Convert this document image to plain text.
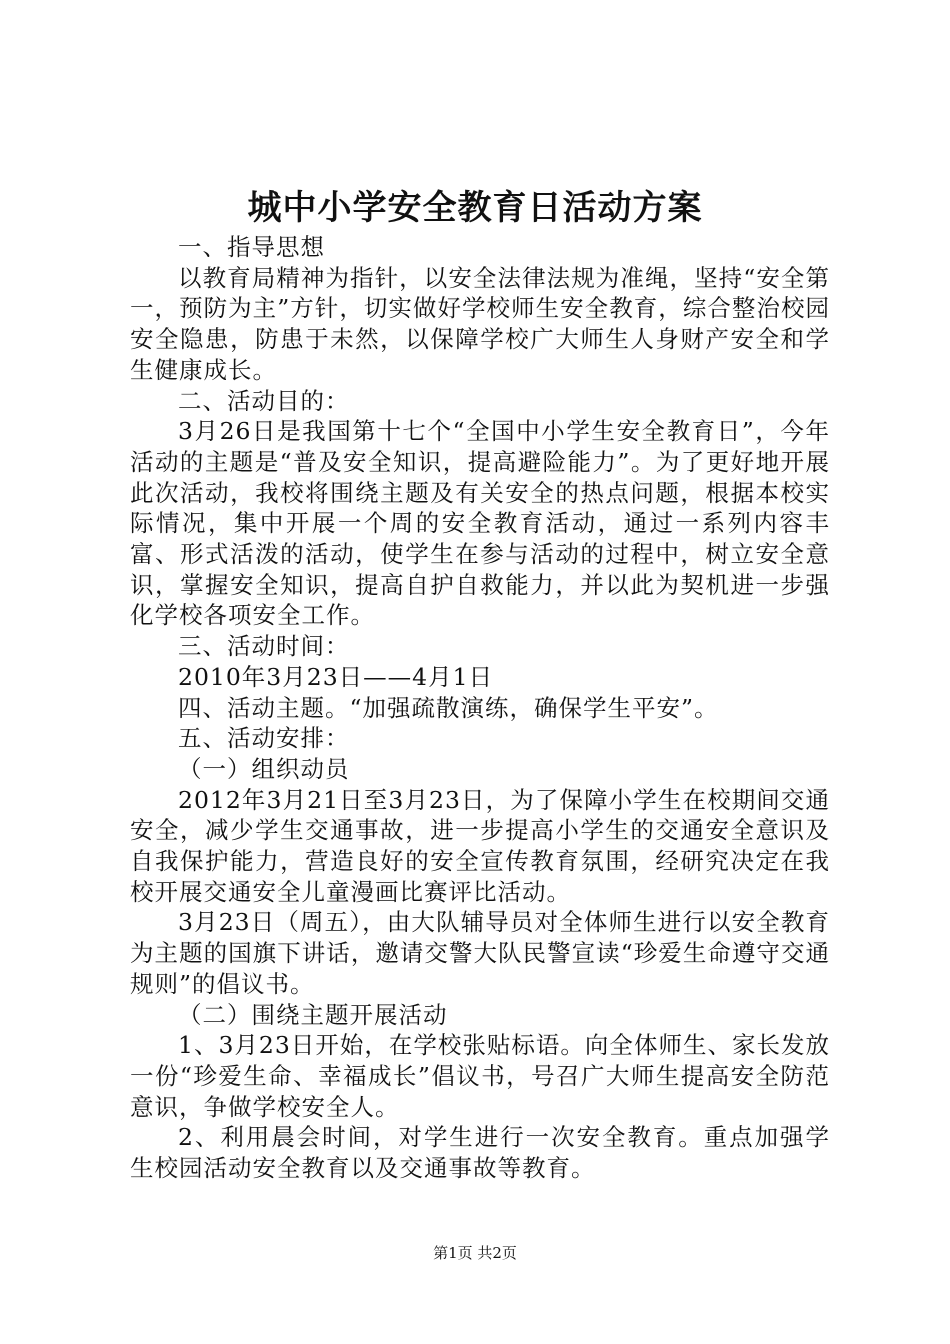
城中小学安全教育日活动方案

一、指导思想

以教育局精神为指针，以安全法律法规为准绳，坚持“安全第一，预防为主”方针，切实做好学校师生安全教育，综合整治校园安全隐患，防患于未然，以保障学校广大师生人身财产安全和学生健康成长。

二、活动目的：

3月26日是我国第十七个“全国中小学生安全教育日”，今年活动的主题是“普及安全知识，提高避险能力”。为了更好地开展此次活动，我校将围绕主题及有关安全的热点问题，根据本校实际情况，集中开展一个周的安全教育活动，通过一系列内容丰富、形式活泼的活动，使学生在参与活动的过程中，树立安全意识，掌握安全知识，提高自护自救能力，并以此为契机进一步强化学校各项安全工作。

三、活动时间：

2010年3月23日——4月1日

四、活动主题。“加强疏散演练，确保学生平安”。

五、活动安排：

（一）组织动员

2012年3月21日至3月23日，为了保障小学生在校期间交通安全，减少学生交通事故，进一步提高小学生的交通安全意识及自我保护能力，营造良好的安全宣传教育氛围，经研究决定在我校开展交通安全儿童漫画比赛评比活动。

3月23日（周五），由大队辅导员对全体师生进行以安全教育为主题的国旗下讲话，邀请交警大队民警宣读“珍爱生命遵守交通规则”的倡议书。

（二）围绕主题开展活动

1、3月23日开始，在学校张贴标语。向全体师生、家长发放一份“珍爱生命、幸福成长”倡议书，号召广大师生提高安全防范意识，争做学校安全人。

2、利用晨会时间，对学生进行一次安全教育。重点加强学生校园活动安全教育以及交通事故等教育。

第1页 共2页
